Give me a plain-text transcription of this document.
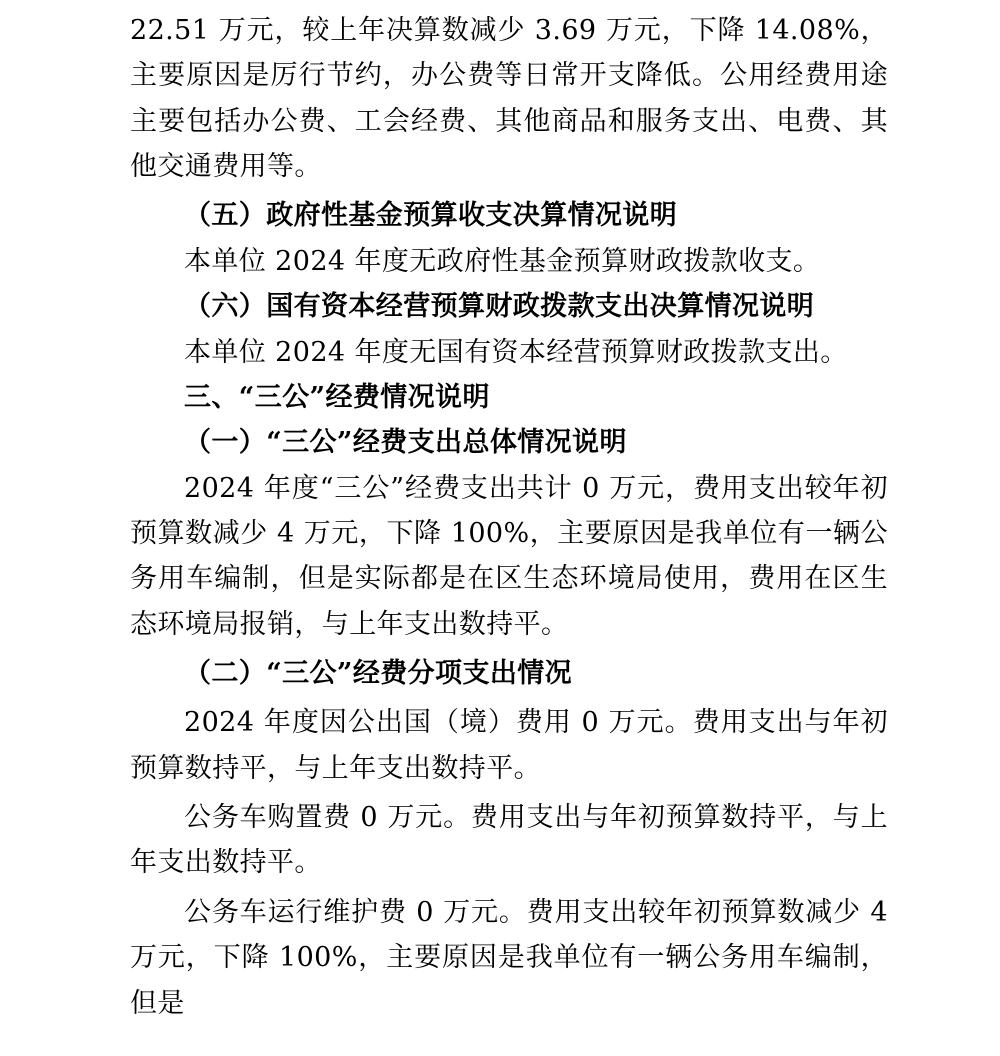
22.51 万元，较上年决算数减少 3.69 万元，下降 14.08%，主要原因是厉行节约，办公费等日常开支降低。公用经费用途主要包括办公费、工会经费、其他商品和服务支出、电费、其他交通费用等。

（五）政府性基金预算收支决算情况说明

本单位 2024 年度无政府性基金预算财政拨款收支。

（六）国有资本经营预算财政拨款支出决算情况说明

本单位 2024 年度无国有资本经营预算财政拨款支出。

三、“三公”经费情况说明

（一）“三公”经费支出总体情况说明

2024 年度“三公”经费支出共计 0 万元，费用支出较年初预算数减少 4 万元，下降 100%，主要原因是我单位有一辆公务用车编制，但是实际都是在区生态环境局使用，费用在区生态环境局报销，与上年支出数持平。

（二）“三公”经费分项支出情况

2024 年度因公出国（境）费用 0 万元。费用支出与年初预算数持平，与上年支出数持平。

公务车购置费 0 万元。费用支出与年初预算数持平，与上年支出数持平。

公务车运行维护费 0 万元。费用支出较年初预算数减少 4 万元，下降 100%，主要原因是我单位有一辆公务用车编制，但是
